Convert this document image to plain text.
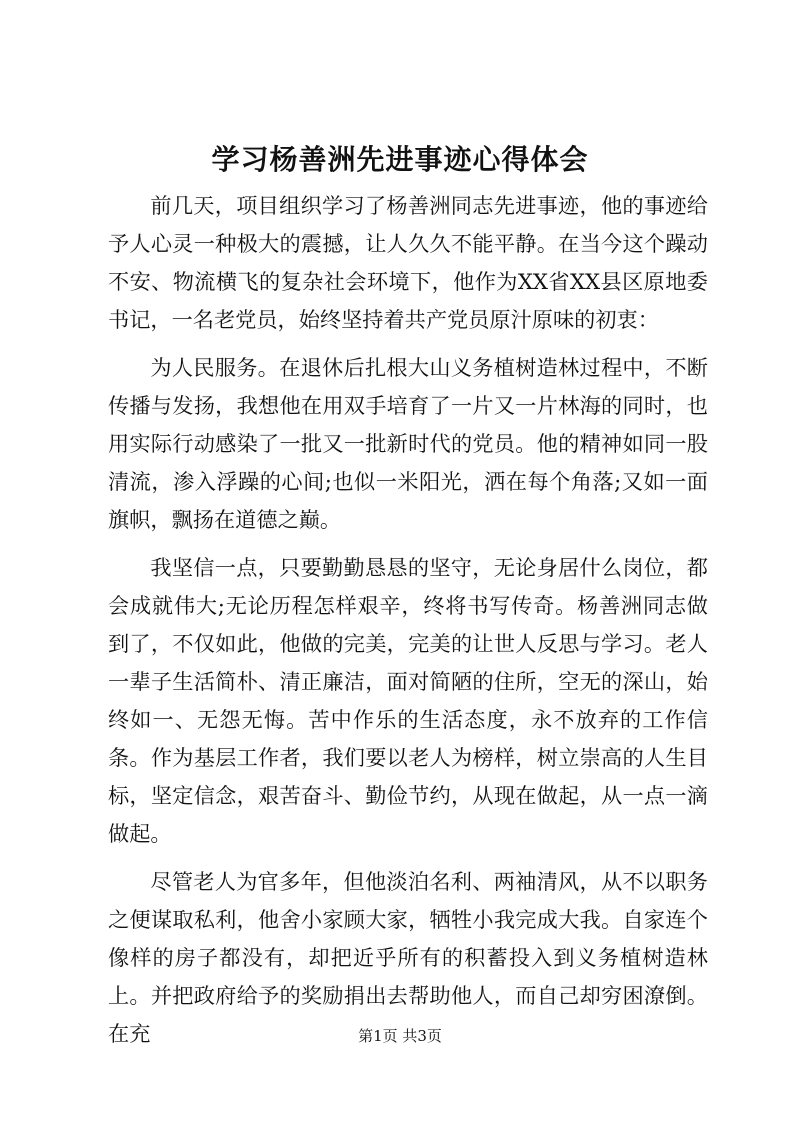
学习杨善洲先进事迹心得体会

前几天，项目组织学习了杨善洲同志先进事迹，他的事迹给予人心灵一种极大的震撼，让人久久不能平静。在当今这个躁动不安、物流横飞的复杂社会环境下，他作为XX省XX县区原地委书记，一名老党员，始终坚持着共产党员原汁原味的初衷：

为人民服务。在退休后扎根大山义务植树造林过程中，不断传播与发扬，我想他在用双手培育了一片又一片林海的同时，也用实际行动感染了一批又一批新时代的党员。他的精神如同一股清流，渗入浮躁的心间;也似一米阳光，洒在每个角落;又如一面旗帜，飘扬在道德之巅。

我坚信一点，只要勤勤恳恳的坚守，无论身居什么岗位，都会成就伟大;无论历程怎样艰辛，终将书写传奇。杨善洲同志做到了，不仅如此，他做的完美，完美的让世人反思与学习。老人一辈子生活简朴、清正廉洁，面对简陋的住所，空无的深山，始终如一、无怨无悔。苦中作乐的生活态度，永不放弃的工作信条。作为基层工作者，我们要以老人为榜样，树立崇高的人生目标，坚定信念，艰苦奋斗、勤俭节约，从现在做起，从一点一滴做起。

尽管老人为官多年，但他淡泊名利、两袖清风，从不以职务之便谋取私利，他舍小家顾大家，牺牲小我完成大我。自家连个像样的房子都没有，却把近乎所有的积蓄投入到义务植树造林上。并把政府给予的奖励捐出去帮助他人，而自己却穷困潦倒。在充	第1页 共3页
